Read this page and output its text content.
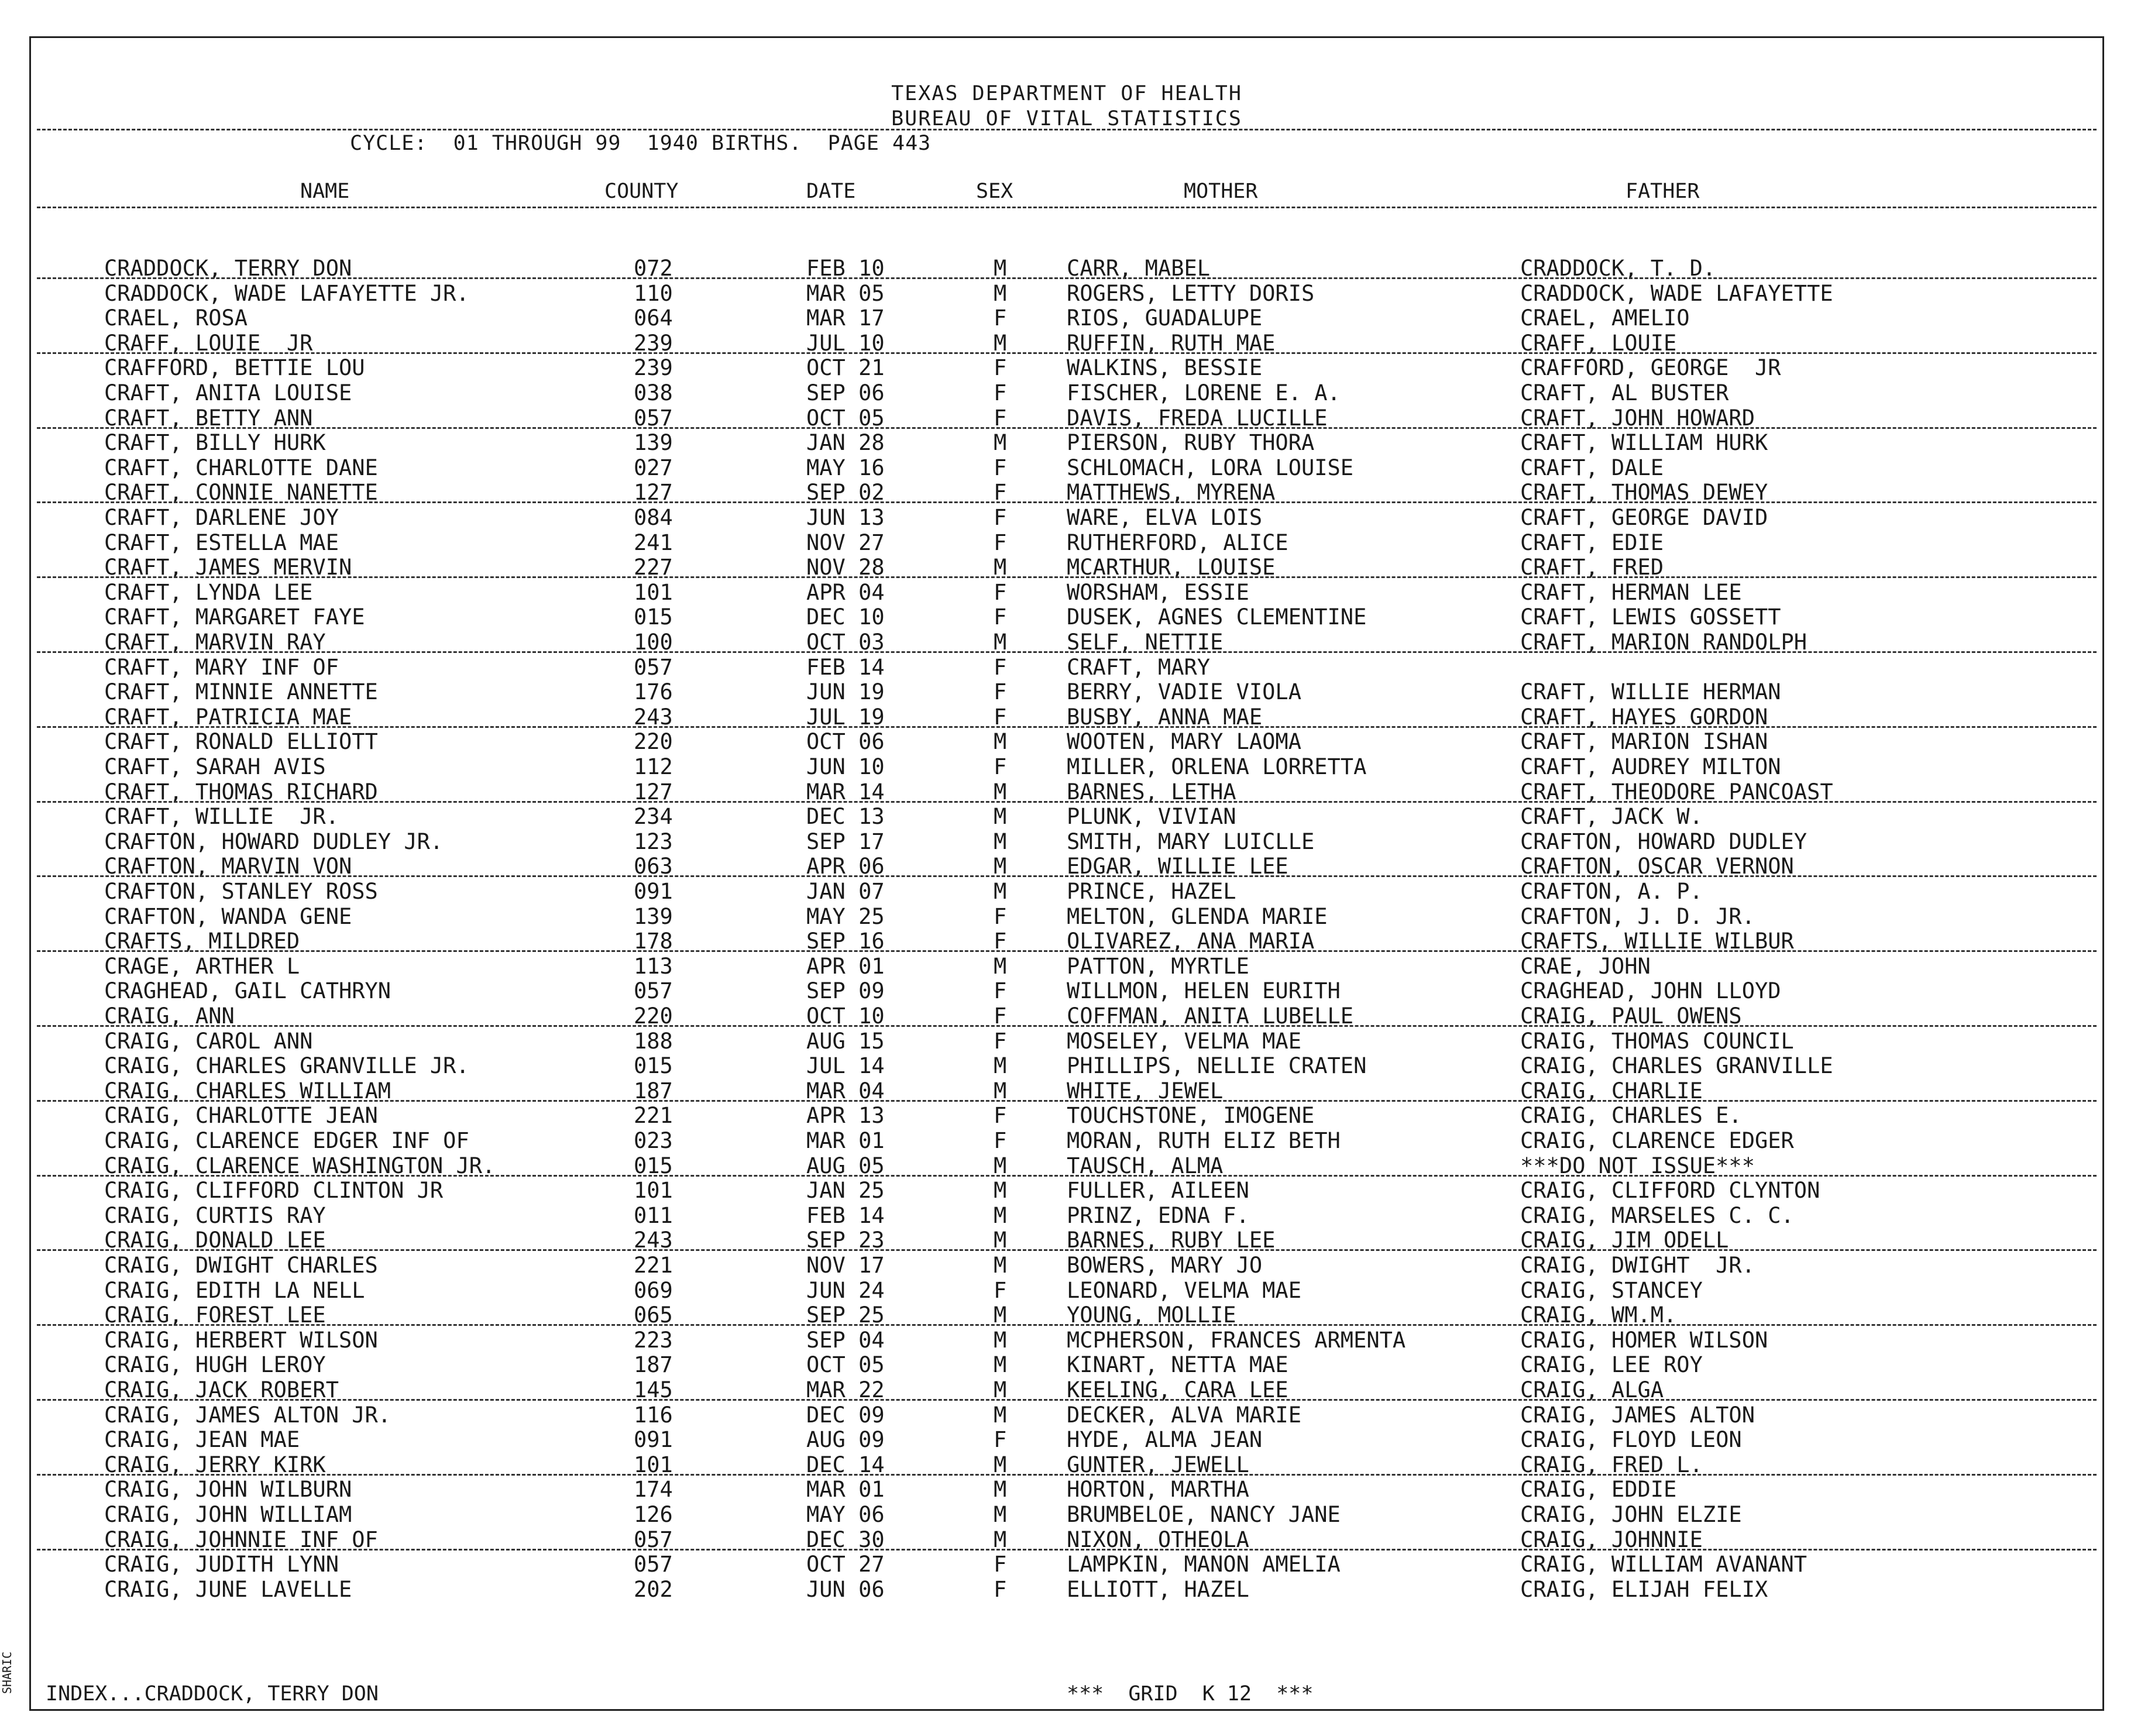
TEXAS DEPARTMENT OF HEALTH
BUREAU OF VITAL STATISTICS
CYCLE:  01 THROUGH 99  1940 BIRTHS.  PAGE 443
NAME	COUNTY	DATE	SEX	MOTHER	FATHER
CRADDOCK, TERRY DON	072	FEB 10	M	CARR, MABEL	CRADDOCK, T. D.
CRADDOCK, WADE LAFAYETTE JR.	110	MAR 05	M	ROGERS, LETTY DORIS	CRADDOCK, WADE LAFAYETTE
CRAEL, ROSA	064	MAR 17	F	RIOS, GUADALUPE	CRAEL, AMELIO
CRAFF, LOUIE  JR	239	JUL 10	M	RUFFIN, RUTH MAE	CRAFF, LOUIE
CRAFFORD, BETTIE LOU	239	OCT 21	F	WALKINS, BESSIE	CRAFFORD, GEORGE  JR
CRAFT, ANITA LOUISE	038	SEP 06	F	FISCHER, LORENE E. A.	CRAFT, AL BUSTER
CRAFT, BETTY ANN	057	OCT 05	F	DAVIS, FREDA LUCILLE	CRAFT, JOHN HOWARD
CRAFT, BILLY HURK	139	JAN 28	M	PIERSON, RUBY THORA	CRAFT, WILLIAM HURK
CRAFT, CHARLOTTE DANE	027	MAY 16	F	SCHLOMACH, LORA LOUISE	CRAFT, DALE
CRAFT, CONNIE NANETTE	127	SEP 02	F	MATTHEWS, MYRENA	CRAFT, THOMAS DEWEY
CRAFT, DARLENE JOY	084	JUN 13	F	WARE, ELVA LOIS	CRAFT, GEORGE DAVID
CRAFT, ESTELLA MAE	241	NOV 27	F	RUTHERFORD, ALICE	CRAFT, EDIE
CRAFT, JAMES MERVIN	227	NOV 28	M	MCARTHUR, LOUISE	CRAFT, FRED
CRAFT, LYNDA LEE	101	APR 04	F	WORSHAM, ESSIE	CRAFT, HERMAN LEE
CRAFT, MARGARET FAYE	015	DEC 10	F	DUSEK, AGNES CLEMENTINE	CRAFT, LEWIS GOSSETT
CRAFT, MARVIN RAY	100	OCT 03	M	SELF, NETTIE	CRAFT, MARION RANDOLPH
CRAFT, MARY INF OF	057	FEB 14	F	CRAFT, MARY
CRAFT, MINNIE ANNETTE	176	JUN 19	F	BERRY, VADIE VIOLA	CRAFT, WILLIE HERMAN
CRAFT, PATRICIA MAE	243	JUL 19	F	BUSBY, ANNA MAE	CRAFT, HAYES GORDON
CRAFT, RONALD ELLIOTT	220	OCT 06	M	WOOTEN, MARY LAOMA	CRAFT, MARION ISHAN
CRAFT, SARAH AVIS	112	JUN 10	F	MILLER, ORLENA LORRETTA	CRAFT, AUDREY MILTON
CRAFT, THOMAS RICHARD	127	MAR 14	M	BARNES, LETHA	CRAFT, THEODORE PANCOAST
CRAFT, WILLIE  JR.	234	DEC 13	M	PLUNK, VIVIAN	CRAFT, JACK W.
CRAFTON, HOWARD DUDLEY JR.	123	SEP 17	M	SMITH, MARY LUICLLE	CRAFTON, HOWARD DUDLEY
CRAFTON, MARVIN VON	063	APR 06	M	EDGAR, WILLIE LEE	CRAFTON, OSCAR VERNON
CRAFTON, STANLEY ROSS	091	JAN 07	M	PRINCE, HAZEL	CRAFTON, A. P.
CRAFTON, WANDA GENE	139	MAY 25	F	MELTON, GLENDA MARIE	CRAFTON, J. D. JR.
CRAFTS, MILDRED	178	SEP 16	F	OLIVAREZ, ANA MARIA	CRAFTS, WILLIE WILBUR
CRAGE, ARTHER L	113	APR 01	M	PATTON, MYRTLE	CRAE, JOHN
CRAGHEAD, GAIL CATHRYN	057	SEP 09	F	WILLMON, HELEN EURITH	CRAGHEAD, JOHN LLOYD
CRAIG, ANN	220	OCT 10	F	COFFMAN, ANITA LUBELLE	CRAIG, PAUL OWENS
CRAIG, CAROL ANN	188	AUG 15	F	MOSELEY, VELMA MAE	CRAIG, THOMAS COUNCIL
CRAIG, CHARLES GRANVILLE JR.	015	JUL 14	M	PHILLIPS, NELLIE CRATEN	CRAIG, CHARLES GRANVILLE
CRAIG, CHARLES WILLIAM	187	MAR 04	M	WHITE, JEWEL	CRAIG, CHARLIE
CRAIG, CHARLOTTE JEAN	221	APR 13	F	TOUCHSTONE, IMOGENE	CRAIG, CHARLES E.
CRAIG, CLARENCE EDGER INF OF	023	MAR 01	F	MORAN, RUTH ELIZ BETH	CRAIG, CLARENCE EDGER
CRAIG, CLARENCE WASHINGTON JR.	015	AUG 05	M	TAUSCH, ALMA	***DO NOT ISSUE***
CRAIG, CLIFFORD CLINTON JR	101	JAN 25	M	FULLER, AILEEN	CRAIG, CLIFFORD CLYNTON
CRAIG, CURTIS RAY	011	FEB 14	M	PRINZ, EDNA F.	CRAIG, MARSELES C. C.
CRAIG, DONALD LEE	243	SEP 23	M	BARNES, RUBY LEE	CRAIG, JIM ODELL
CRAIG, DWIGHT CHARLES	221	NOV 17	M	BOWERS, MARY JO	CRAIG, DWIGHT  JR.
CRAIG, EDITH LA NELL	069	JUN 24	F	LEONARD, VELMA MAE	CRAIG, STANCEY
CRAIG, FOREST LEE	065	SEP 25	M	YOUNG, MOLLIE	CRAIG, WM.M.
CRAIG, HERBERT WILSON	223	SEP 04	M	MCPHERSON, FRANCES ARMENTA	CRAIG, HOMER WILSON
CRAIG, HUGH LEROY	187	OCT 05	M	KINART, NETTA MAE	CRAIG, LEE ROY
CRAIG, JACK ROBERT	145	MAR 22	M	KEELING, CARA LEE	CRAIG, ALGA
CRAIG, JAMES ALTON JR.	116	DEC 09	M	DECKER, ALVA MARIE	CRAIG, JAMES ALTON
CRAIG, JEAN MAE	091	AUG 09	F	HYDE, ALMA JEAN	CRAIG, FLOYD LEON
CRAIG, JERRY KIRK	101	DEC 14	M	GUNTER, JEWELL	CRAIG, FRED L.
CRAIG, JOHN WILBURN	174	MAR 01	M	HORTON, MARTHA	CRAIG, EDDIE
CRAIG, JOHN WILLIAM	126	MAY 06	M	BRUMBELOE, NANCY JANE	CRAIG, JOHN ELZIE
CRAIG, JOHNNIE INF OF	057	DEC 30	M	NIXON, OTHEOLA	CRAIG, JOHNNIE
CRAIG, JUDITH LYNN	057	OCT 27	F	LAMPKIN, MANON AMELIA	CRAIG, WILLIAM AVANANT
CRAIG, JUNE LAVELLE	202	JUN 06	F	ELLIOTT, HAZEL	CRAIG, ELIJAH FELIX
INDEX...CRADDOCK, TERRY DON	***  GRID  K 12  ***
SHARIC
